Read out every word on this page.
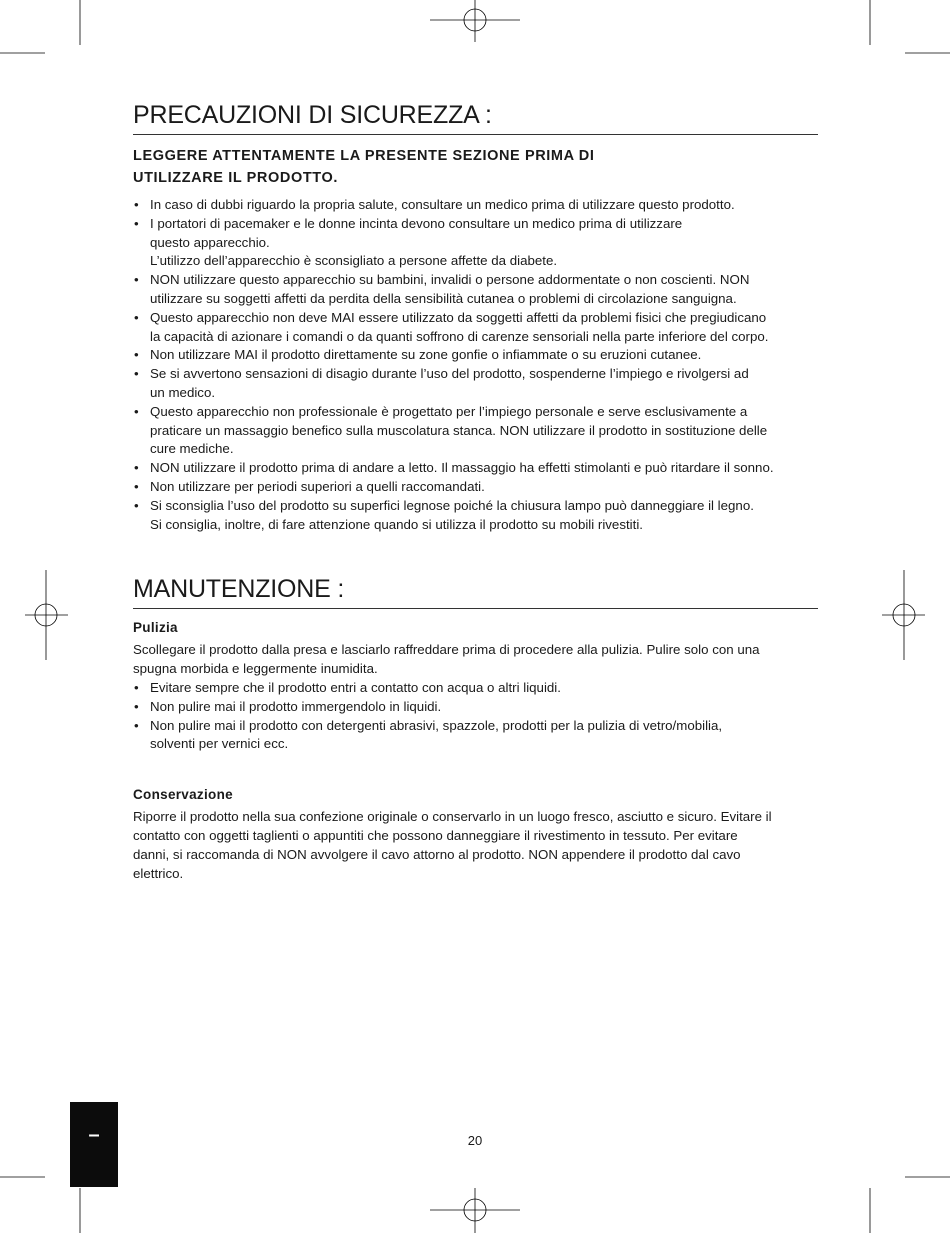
PRECAUZIONI DI SICUREZZA :
LEGGERE ATTENTAMENTE LA PRESENTE SEZIONE PRIMA DI
UTILIZZARE IL PRODOTTO.
• In caso di dubbi riguardo la propria salute, consultare un medico prima di utilizzare questo prodotto.
• I portatori di pacemaker e le donne incinta devono consultare un medico prima di utilizzare
questo apparecchio.
L’utilizzo dell’apparecchio è sconsigliato a persone affette da diabete.
• NON utilizzare questo apparecchio su bambini, invalidi o persone addormentate o non coscienti. NON
utilizzare su soggetti affetti da perdita della sensibilità cutanea o problemi di circolazione sanguigna.
• Questo apparecchio non deve MAI essere utilizzato da soggetti affetti da problemi fisici che pregiudicano
la capacità di azionare i comandi o da quanti soffrono di carenze sensoriali nella parte inferiore del corpo.
• Non utilizzare MAI il prodotto direttamente su zone gonfie o infiammate o su eruzioni cutanee.
• Se si avvertono sensazioni di disagio durante l’uso del prodotto, sospenderne l’impiego e rivolgersi ad
un medico.
• Questo apparecchio non professionale è progettato per l’impiego personale e serve esclusivamente a
praticare un massaggio benefico sulla muscolatura stanca. NON utilizzare il prodotto in sostituzione delle
cure mediche.
• NON utilizzare il prodotto prima di andare a letto. Il massaggio ha effetti stimolanti e può ritardare il sonno.
• Non utilizzare per periodi superiori a quelli raccomandati.
• Si sconsiglia l’uso del prodotto su superfici legnose poiché la chiusura lampo può danneggiare il legno.
Si consiglia, inoltre, di fare attenzione quando si utilizza il prodotto su mobili rivestiti.
MANUTENZIONE :
Pulizia

Scollegare il prodotto dalla presa e lasciarlo raffreddare prima di procedere alla pulizia. Pulire solo con una
spugna morbida e leggermente inumidita.

• Evitare sempre che il prodotto entri a contatto con acqua o altri liquidi.
• Non pulire mai il prodotto immergendolo in liquidi.
• Non pulire mai il prodotto con detergenti abrasivi, spazzole, prodotti per la pulizia di vetro/mobilia,
solventi per vernici ecc.
Conservazione

Riporre il prodotto nella sua confezione originale o conservarlo in un luogo fresco, asciutto e sicuro. Evitare il
contatto con oggetti taglienti o appuntiti che possono danneggiare il rivestimento in tessuto. Per evitare
danni, si raccomanda di NON avvolgere il cavo attorno al prodotto. NON appendere il prodotto dal cavo
elettrico.

–	20
